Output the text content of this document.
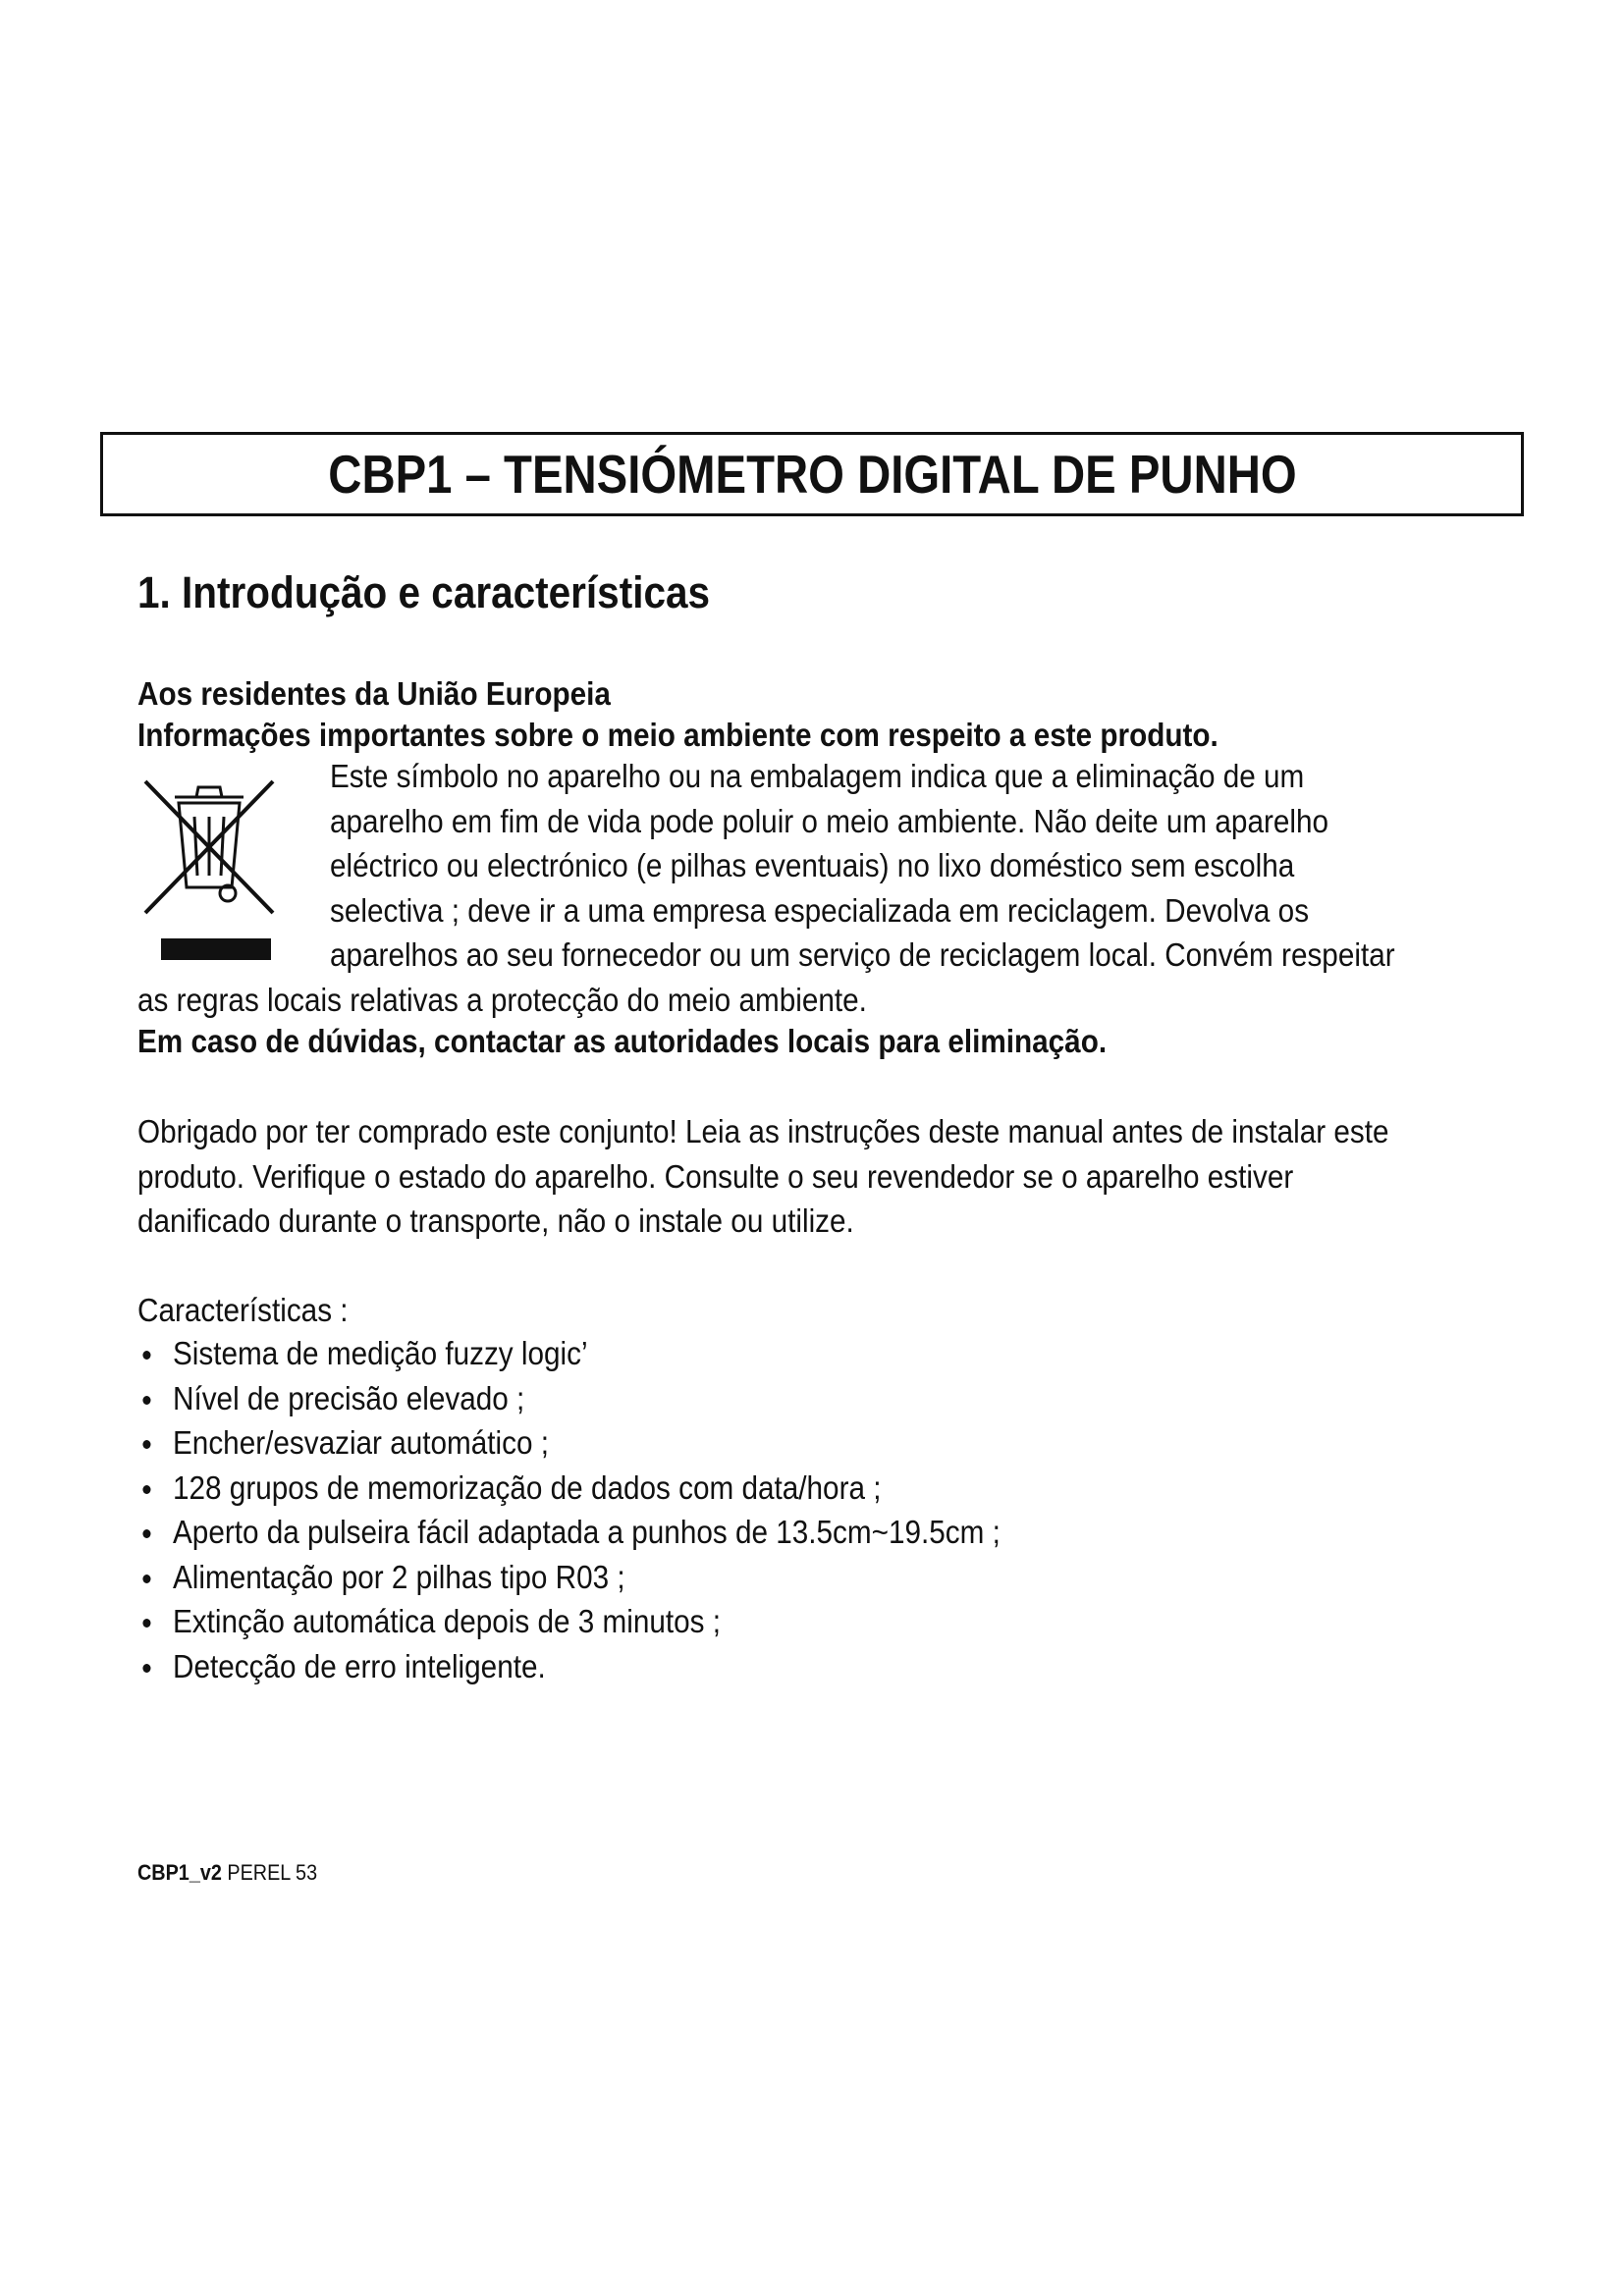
CBP1 – TENSIÓMETRO DIGITAL DE PUNHO
1. Introdução e características
Aos residentes da União Europeia
Informações importantes sobre o meio ambiente com respeito a este produto.
Este símbolo no aparelho ou na embalagem indica que a eliminação de um
aparelho em fim de vida pode poluir o meio ambiente. Não deite um aparelho
eléctrico ou electrónico (e pilhas eventuais) no lixo doméstico sem escolha
selectiva ; deve ir a uma empresa especializada em reciclagem. Devolva os
aparelhos ao seu fornecedor ou um serviço de reciclagem local. Convém respeitar
as regras locais relativas a protecção do meio ambiente.
Em caso de dúvidas, contactar as autoridades locais para eliminação.
Obrigado por ter comprado este conjunto! Leia as instruções deste manual antes de instalar este
produto. Verifique o estado do aparelho. Consulte o seu revendedor se o aparelho estiver
danificado durante o transporte, não o instale ou utilize.
Características :
Sistema de medição fuzzy logic’
Nível de precisão elevado ;
Encher/esvaziar automático ;
128 grupos de memorização de dados com data/hora ;
Aperto da pulseira fácil adaptada a punhos de 13.5cm~19.5cm ;
Alimentação por 2 pilhas tipo R03 ;
Extinção automática depois de 3 minutos ;
Detecção de erro inteligente.
CBP1_v2 PEREL 53
